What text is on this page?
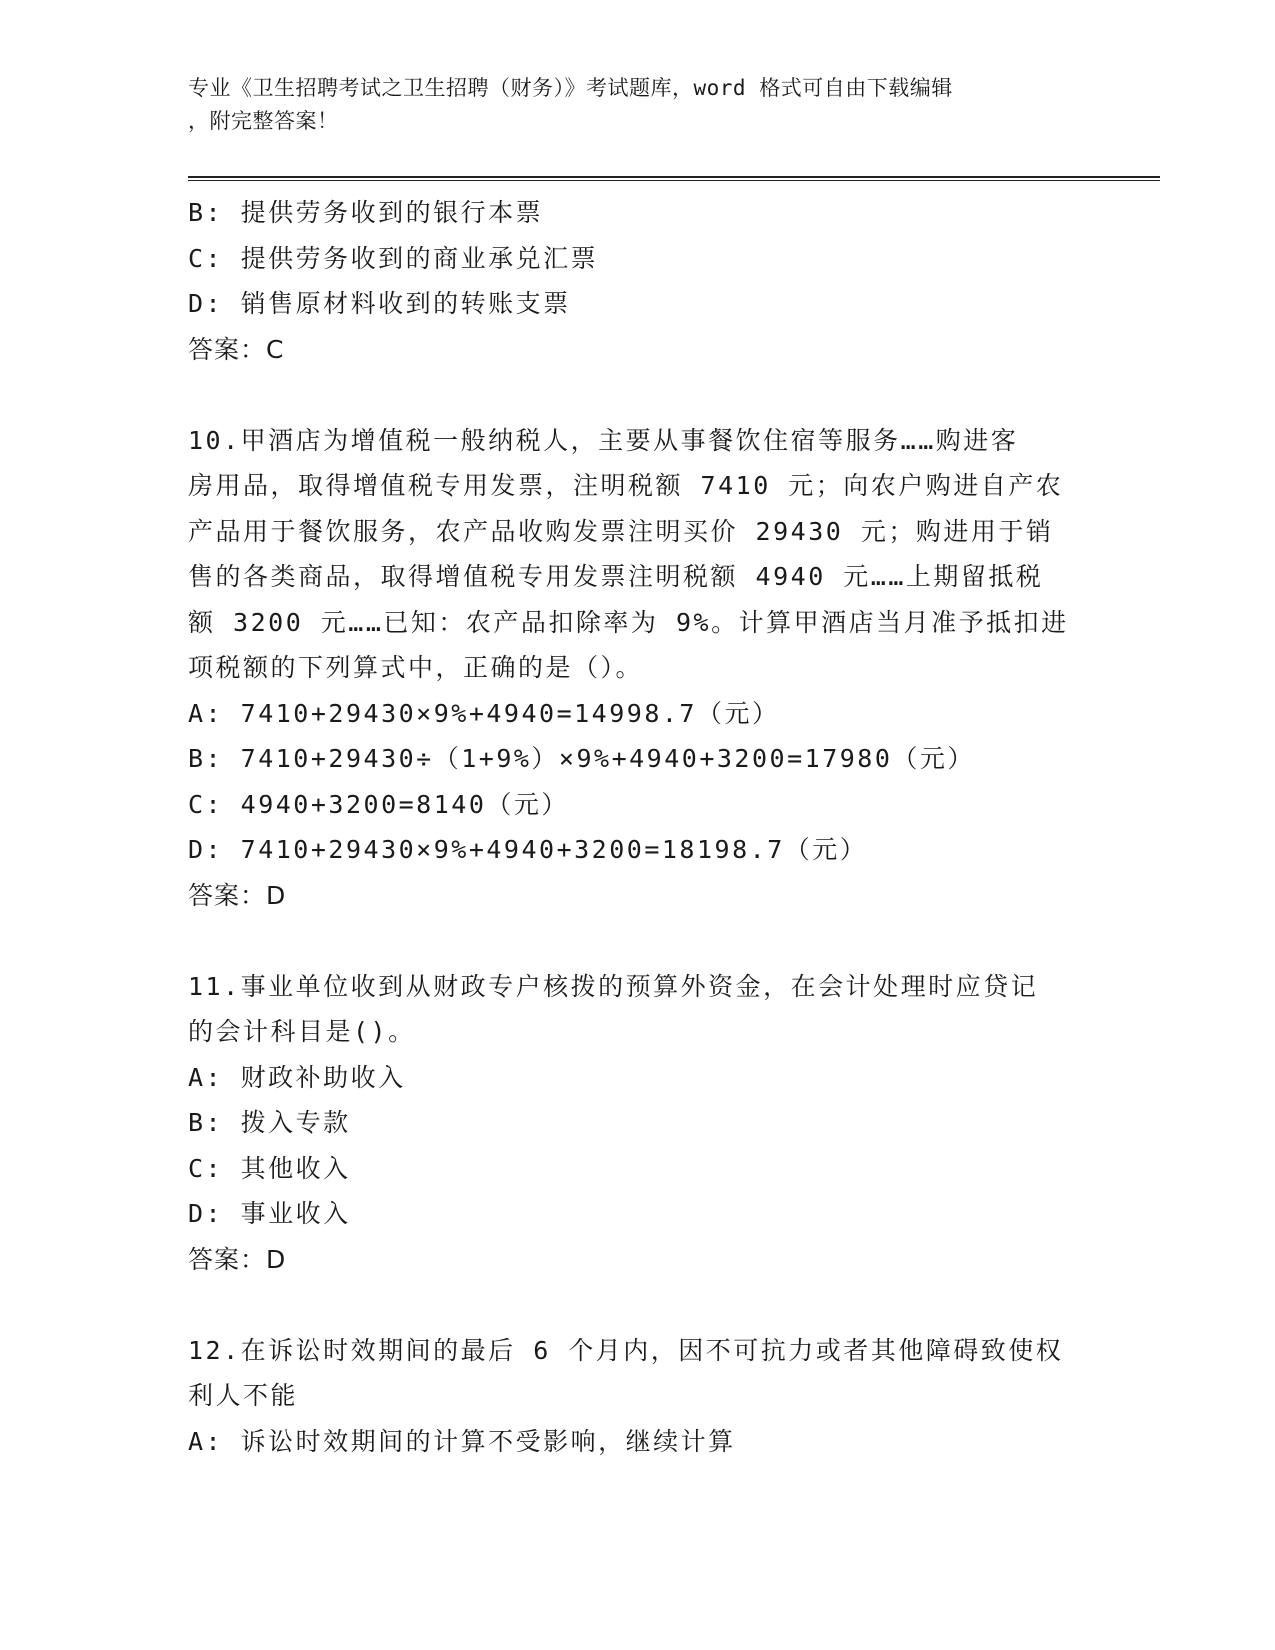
专业《卫生招聘考试之卫生招聘（财务）》考试题库，word 格式可自由下载编辑
，附完整答案！
B: 提供劳务收到的银行本票
C: 提供劳务收到的商业承兑汇票
D: 销售原材料收到的转账支票
答案：C
10.甲酒店为增值税一般纳税人，主要从事餐饮住宿等服务……购进客
房用品，取得增值税专用发票，注明税额 7410 元；向农户购进自产农
产品用于餐饮服务，农产品收购发票注明买价 29430 元；购进用于销
售的各类商品，取得增值税专用发票注明税额 4940 元……上期留抵税
额 3200 元……已知：农产品扣除率为 9%。计算甲酒店当月准予抵扣进
项税额的下列算式中，正确的是（）。
A: 7410+29430×9%+4940=14998.7（元）
B: 7410+29430÷（1+9%）×9%+4940+3200=17980（元）
C: 4940+3200=8140（元）
D: 7410+29430×9%+4940+3200=18198.7（元）
答案：D
11.事业单位收到从财政专户核拨的预算外资金，在会计处理时应贷记
的会计科目是()。
A: 财政补助收入
B: 拨入专款
C: 其他收入
D: 事业收入
答案：D
12.在诉讼时效期间的最后 6 个月内，因不可抗力或者其他障碍致使权
利人不能
A: 诉讼时效期间的计算不受影响，继续计算
